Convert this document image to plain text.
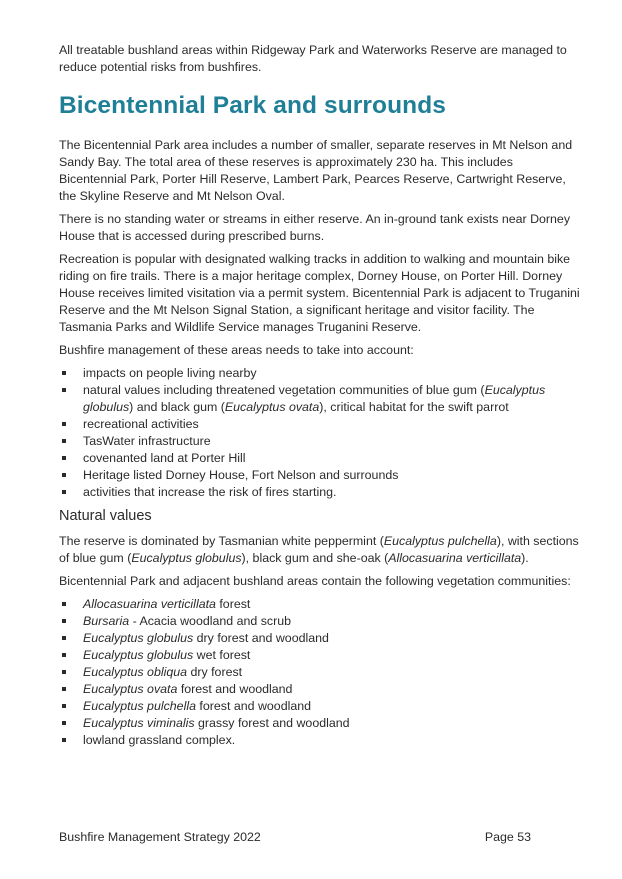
All treatable bushland areas within Ridgeway Park and Waterworks Reserve are managed to reduce potential risks from bushfires.

Bicentennial Park and surrounds

The Bicentennial Park area includes a number of smaller, separate reserves in Mt Nelson and Sandy Bay. The total area of these reserves is approximately 230 ha. This includes Bicentennial Park, Porter Hill Reserve, Lambert Park, Pearces Reserve, Cartwright Reserve, the Skyline Reserve and Mt Nelson Oval.

There is no standing water or streams in either reserve. An in-ground tank exists near Dorney House that is accessed during prescribed burns.

Recreation is popular with designated walking tracks in addition to walking and mountain bike riding on fire trails. There is a major heritage complex, Dorney House, on Porter Hill. Dorney House receives limited visitation via a permit system. Bicentennial Park is adjacent to Truganini Reserve and the Mt Nelson Signal Station, a significant heritage and visitor facility. The Tasmania Parks and Wildlife Service manages Truganini Reserve.

Bushfire management of these areas needs to take into account:

impacts on people living nearby
natural values including threatened vegetation communities of blue gum (Eucalyptus globulus) and black gum (Eucalyptus ovata), critical habitat for the swift parrot
recreational activities
TasWater infrastructure
covenanted land at Porter Hill
Heritage listed Dorney House, Fort Nelson and surrounds
activities that increase the risk of fires starting.
Natural values

The reserve is dominated by Tasmanian white peppermint (Eucalyptus pulchella), with sections of blue gum (Eucalyptus globulus), black gum and she-oak (Allocasuarina verticillata).

Bicentennial Park and adjacent bushland areas contain the following vegetation communities:

Allocasuarina verticillata forest
Bursaria - Acacia woodland and scrub
Eucalyptus globulus dry forest and woodland
Eucalyptus globulus wet forest
Eucalyptus obliqua dry forest
Eucalyptus ovata forest and woodland
Eucalyptus pulchella forest and woodland
Eucalyptus viminalis grassy forest and woodland
lowland grassland complex.
Bushfire Management Strategy 2022	Page 53
